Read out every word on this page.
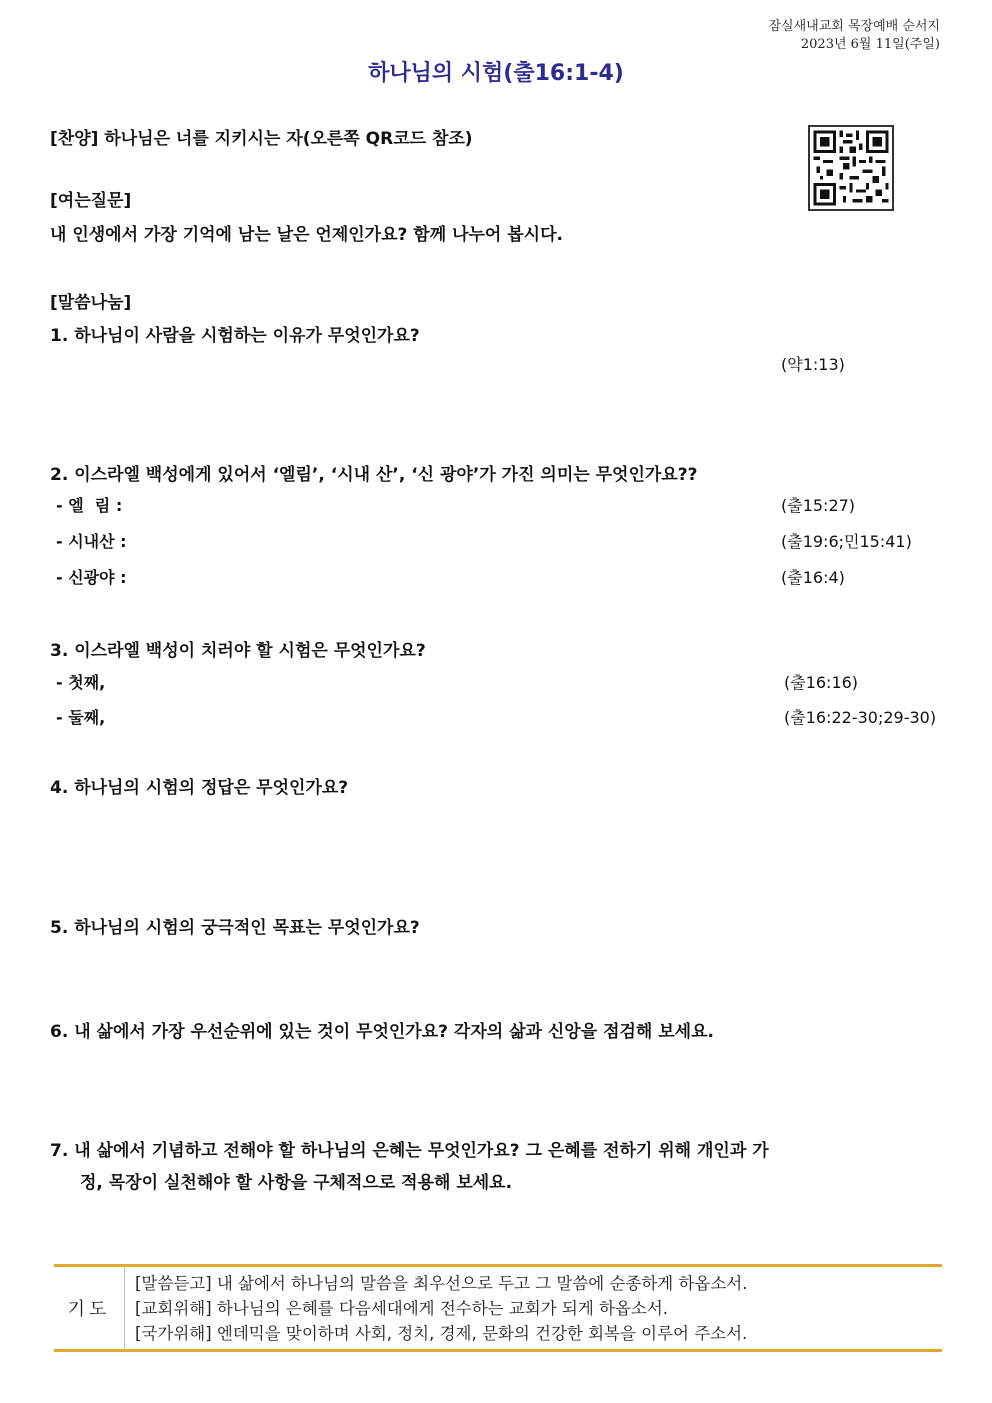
잠실새내교회 목장예배 순서지
2023년 6월 11일(주일)
하나님의 시험(출16:1-4)
[찬양] 하나님은 너를 지키시는 자(오른쪽 QR코드 참조)
[여는질문]
내 인생에서 가장 기억에 남는 날은 언제인가요? 함께 나누어 봅시다.
[말씀나눔]
1. 하나님이 사람을 시험하는 이유가 무엇인가요?
(약1:13)
2. 이스라엘 백성에게 있어서 ‘엘림’, ‘시내 산’, ‘신 광야’가 가진 의미는 무엇인가요??
- 엘  림 :	(출15:27)
- 시내산 :	(출19:6;민15:41)
- 신광야 :	(출16:4)
3. 이스라엘 백성이 치러야 할 시험은 무엇인가요?
- 첫째,	(출16:16)
- 둘째,	(출16:22-30;29-30)
4. 하나님의 시험의 정답은 무엇인가요?
5. 하나님의 시험의 궁극적인 목표는 무엇인가요?
6. 내 삶에서 가장 우선순위에 있는 것이 무엇인가요? 각자의 삶과 신앙을 점검해 보세요.
7. 내 삶에서 기념하고 전해야 할 하나님의 은혜는 무엇인가요? 그 은혜를 전하기 위해 개인과 가
정, 목장이 실천해야 할 사항을 구체적으로 적용해 보세요.
기도
[말씀듣고] 내 삶에서 하나님의 말씀을 최우선으로 두고 그 말씀에 순종하게 하옵소서.
[교회위해] 하나님의 은혜를 다음세대에게 전수하는 교회가 되게 하옵소서.
[국가위해] 엔데믹을 맞이하며 사회, 정치, 경제, 문화의 건강한 회복을 이루어 주소서.
